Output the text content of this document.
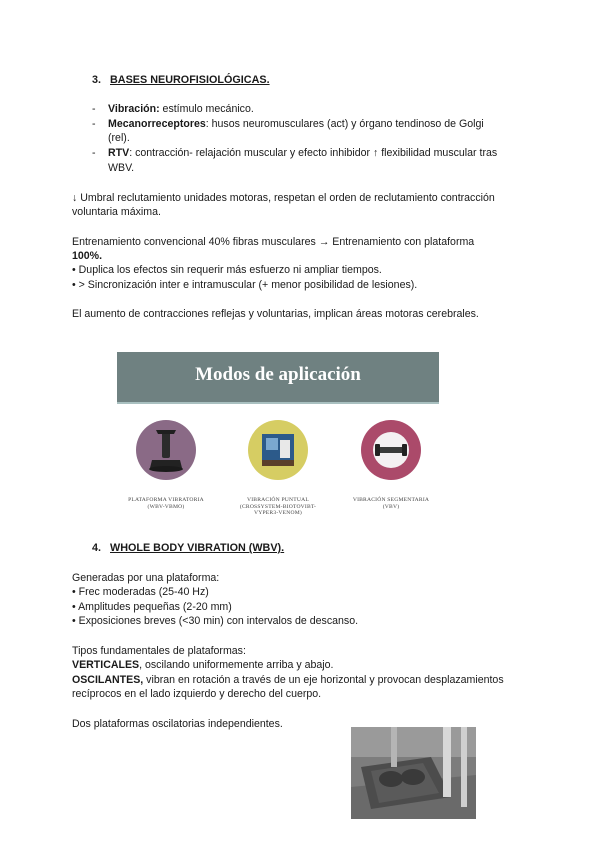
3. BASES NEUROFISIOLÓGICAS.
- Vibración: estímulo mecánico.
- Mecanorreceptores: husos neuromusculares (act) y órgano tendinoso de Golgi
(rel).
- RTV: contracción- relajación muscular y efecto inhibidor ↑ flexibilidad muscular tras
WBV.
↓ Umbral reclutamiento unidades motoras, respetan el orden de reclutamiento contracción
voluntaria máxima.
Entrenamiento convencional 40% fibras musculares → Entrenamiento con plataforma
100%.
• Duplica los efectos sin requerir más esfuerzo ni ampliar tiempos.
• > Sincronización inter e intramuscular (+ menor posibilidad de lesiones).
El aumento de contracciones reflejas y voluntarias, implican áreas motoras cerebrales.
Modos de aplicación
PLATAFORMA VIBRATORIA
(WBV-VBMO)
VIBRACIÓN PUNTUAL
(CROSSYSTEM-BIOTOVIBT-
VYPER3-VENOM)
VIBRACIÓN SEGMENTARIA
(VBV)
4. WHOLE BODY VIBRATION (WBV).
Generadas por una plataforma:
• Frec moderadas (25-40 Hz)
• Amplitudes pequeñas (2-20 mm)
• Exposiciones breves (<30 min) con intervalos de descanso.
Tipos fundamentales de plataformas:
VERTICALES, oscilando uniformemente arriba y abajo.
OSCILANTES, vibran en rotación a través de un eje horizontal y provocan desplazamientos
recíprocos en el lado izquierdo y derecho del cuerpo.
Dos plataformas oscilatorias independientes.
